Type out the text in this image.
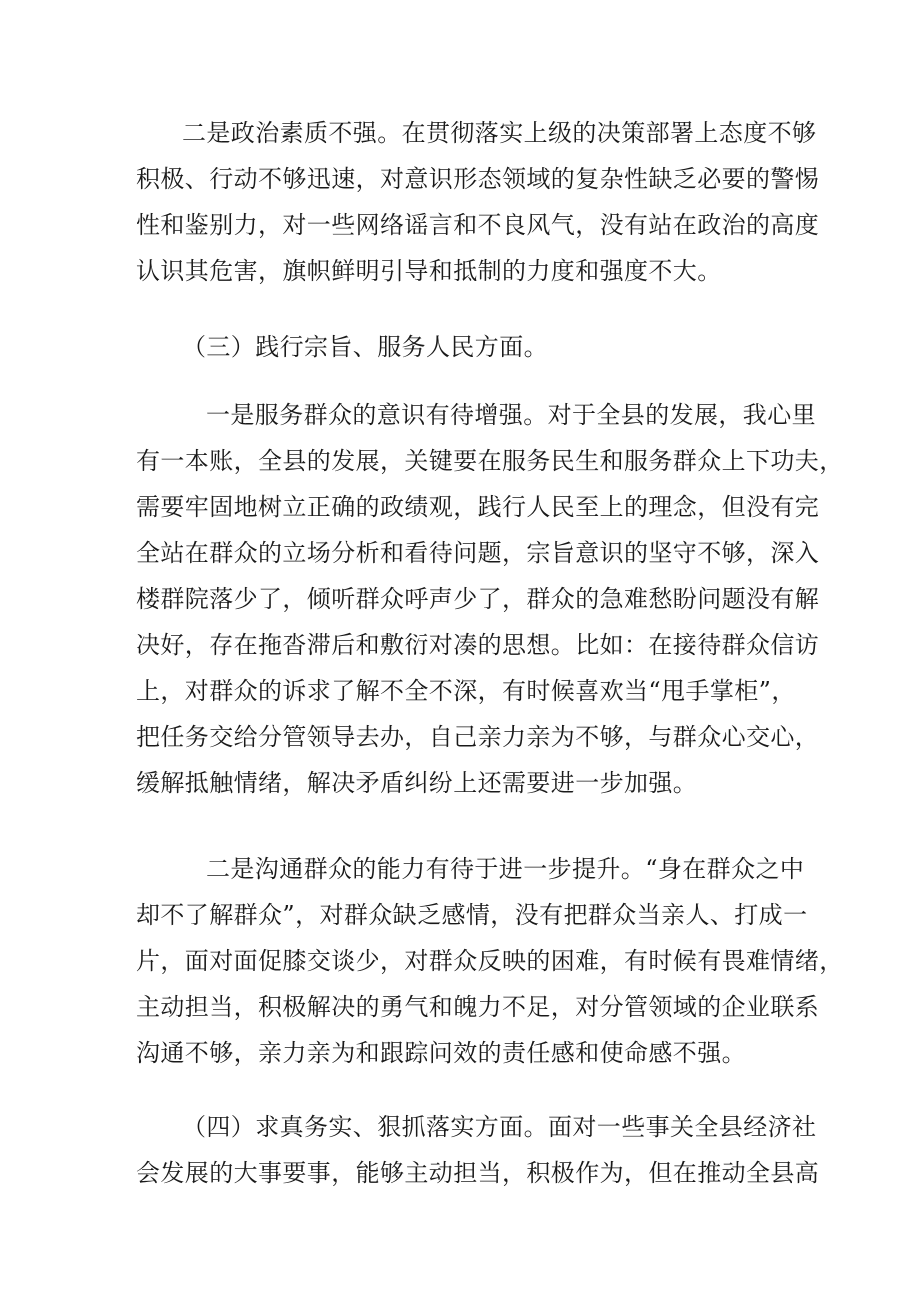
二是政治素质不强。在贯彻落实上级的决策部署上态度不够
积极、行动不够迅速，对意识形态领域的复杂性缺乏必要的警惕
性和鉴别力，对一些网络谣言和不良风气，没有站在政治的高度
认识其危害，旗帜鲜明引导和抵制的力度和强度不大。
（三）践行宗旨、服务人民方面。
一是服务群众的意识有待增强。对于全县的发展，我心里
有一本账，全县的发展，关键要在服务民生和服务群众上下功夫，
需要牢固地树立正确的政绩观，践行人民至上的理念，但没有完
全站在群众的立场分析和看待问题，宗旨意识的坚守不够，深入
楼群院落少了，倾听群众呼声少了，群众的急难愁盼问题没有解
决好，存在拖沓滞后和敷衍对凑的思想。比如：在接待群众信访
上，对群众的诉求了解不全不深，有时候喜欢当“甩手掌柜”，
把任务交给分管领导去办，自己亲力亲为不够，与群众心交心，
缓解抵触情绪，解决矛盾纠纷上还需要进一步加强。
二是沟通群众的能力有待于进一步提升。“身在群众之中
却不了解群众”，对群众缺乏感情，没有把群众当亲人、打成一
片，面对面促膝交谈少，对群众反映的困难，有时候有畏难情绪，
主动担当，积极解决的勇气和魄力不足，对分管领域的企业联系
沟通不够，亲力亲为和跟踪问效的责任感和使命感不强。
（四）求真务实、狠抓落实方面。面对一些事关全县经济社
会发展的大事要事，能够主动担当，积极作为，但在推动全县高
